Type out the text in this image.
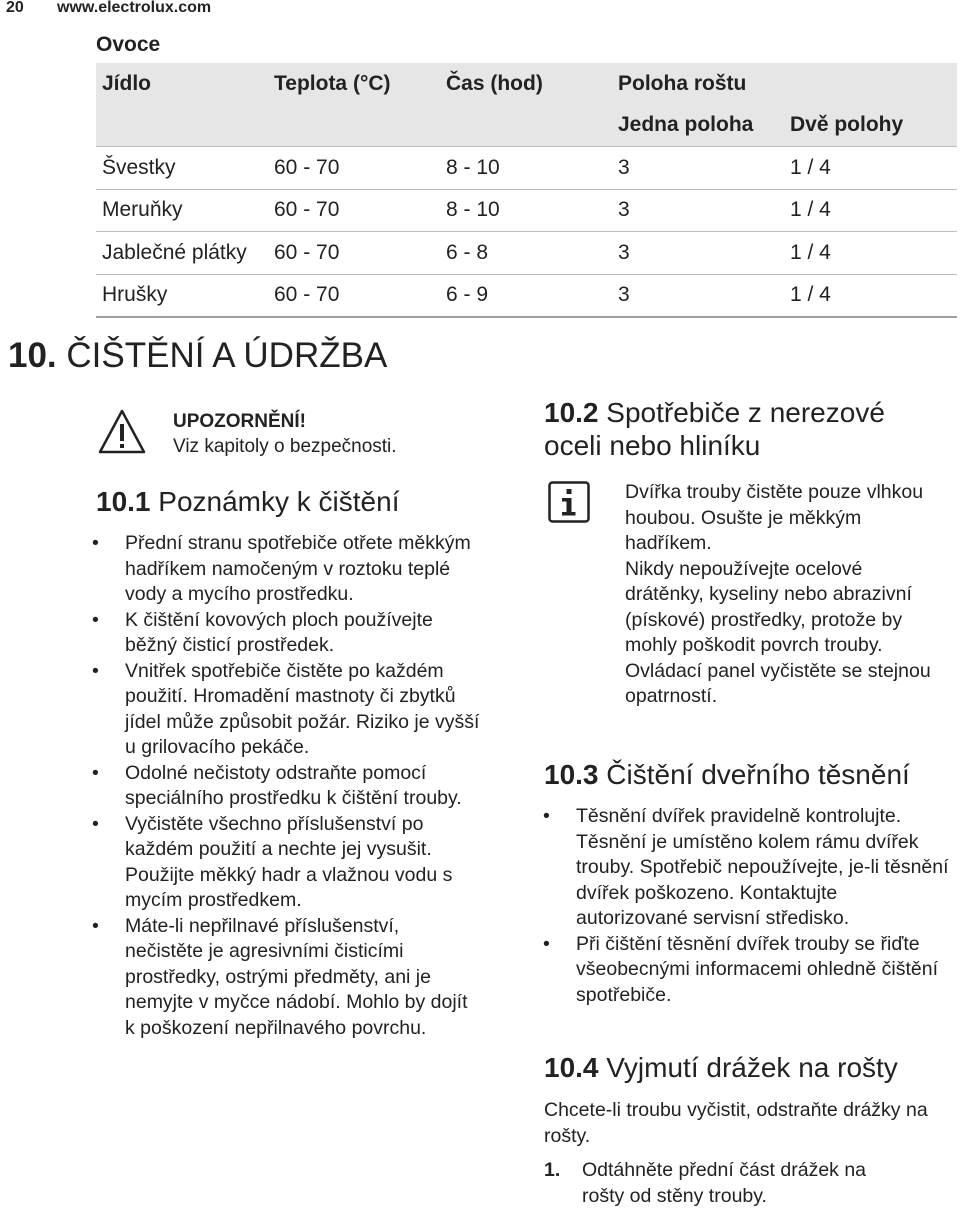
20 www.electrolux.com
Ovoce
Jídlo	Teplota (°C)	Čas (hod)	Poloha roštu	
			Jedna poloha	Dvě polohy
Švestky	60 - 70	8 - 10	3	1 / 4
Meruňky	60 - 70	8 - 10	3	1 / 4
Jablečné plátky	60 - 70	6 - 8	3	1 / 4
Hrušky	60 - 70	6 - 9	3	1 / 4
10. ČIŠTĚNÍ A ÚDRŽBA
UPOZORNĚNÍ!
Viz kapitoly o bezpečnosti.
10.1 Poznámky k čištění
• Přední stranu spotřebiče otřete měkkým hadříkem namočeným v roztoku teplé vody a mycího prostředku.
• K čištění kovových ploch používejte běžný čisticí prostředek.
• Vnitřek spotřebiče čistěte po každém použití. Hromadění mastnoty či zbytků jídel může způsobit požár. Riziko je vyšší u grilovacího pekáče.
• Odolné nečistoty odstraňte pomocí speciálního prostředku k čištění trouby.
• Vyčistěte všechno příslušenství po každém použití a nechte jej vysušit. Použijte měkký hadr a vlažnou vodu s mycím prostředkem.
• Máte-li nepřilnavé příslušenství, nečistěte je agresivními čisticími prostředky, ostrými předměty, ani je nemyjte v myčce nádobí. Mohlo by dojít k poškození nepřilnavého povrchu.
10.2 Spotřebiče z nerezové
oceli nebo hliníku

Dvířka trouby čistěte pouze vlhkou houbou. Osušte je měkkým hadříkem.

Nikdy nepoužívejte ocelové drátěnky, kyseliny nebo abrazivní (pískové) prostředky, protože by mohly poškodit povrch trouby.

Ovládací panel vyčistěte se stejnou opatrností.

10.3 Čištění dveřního těsnění
• Těsnění dvířek pravidelně kontrolujte. Těsnění je umístěno kolem rámu dvířek trouby. Spotřebič nepoužívejte, je-li těsnění dvířek poškozeno. Kontaktujte autorizované servisní středisko.
• Při čištění těsnění dvířek trouby se řiďte všeobecnými informacemi ohledně čištění spotřebiče.
10.4 Vyjmutí drážek na rošty
Chcete-li troubu vyčistit, odstraňte drážky na rošty.
1. Odtáhněte přední část drážek na rošty od stěny trouby.
